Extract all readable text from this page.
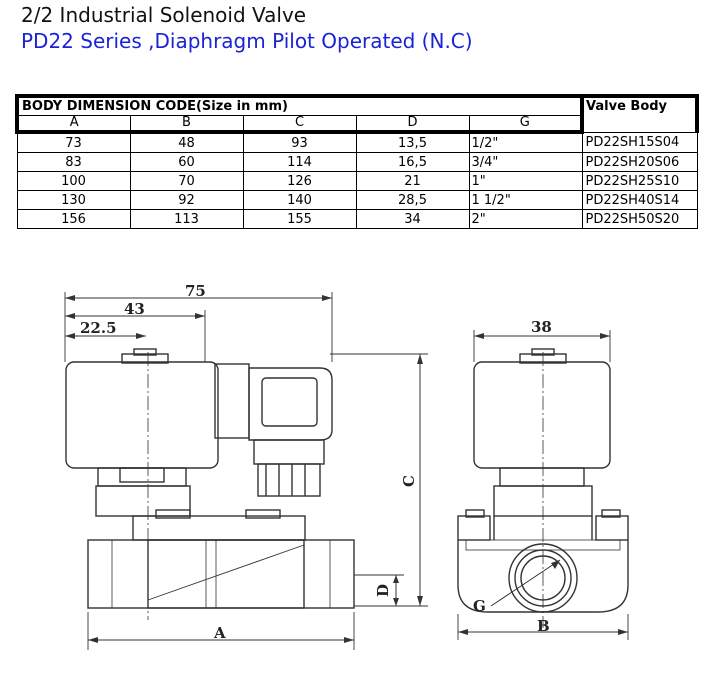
2/2 Industrial Solenoid Valve
PD22 Series ,Diaphragm Pilot Operated (N.C)
BODY DIMENSION CODE(Size in mm)					Valve Body
A	B	C	D	G	
73	48	93	13,5	1/2"	PD22SH15S04
83	60	114	16,5	3/4"	PD22SH20S06
100	70	126	21	1"	PD22SH25S10
130	92	140	28,5	1 1/2"	PD22SH40S14
156	113	155	34	2"	PD22SH50S20
75
43
22.5	38
A	B
C
D
G
